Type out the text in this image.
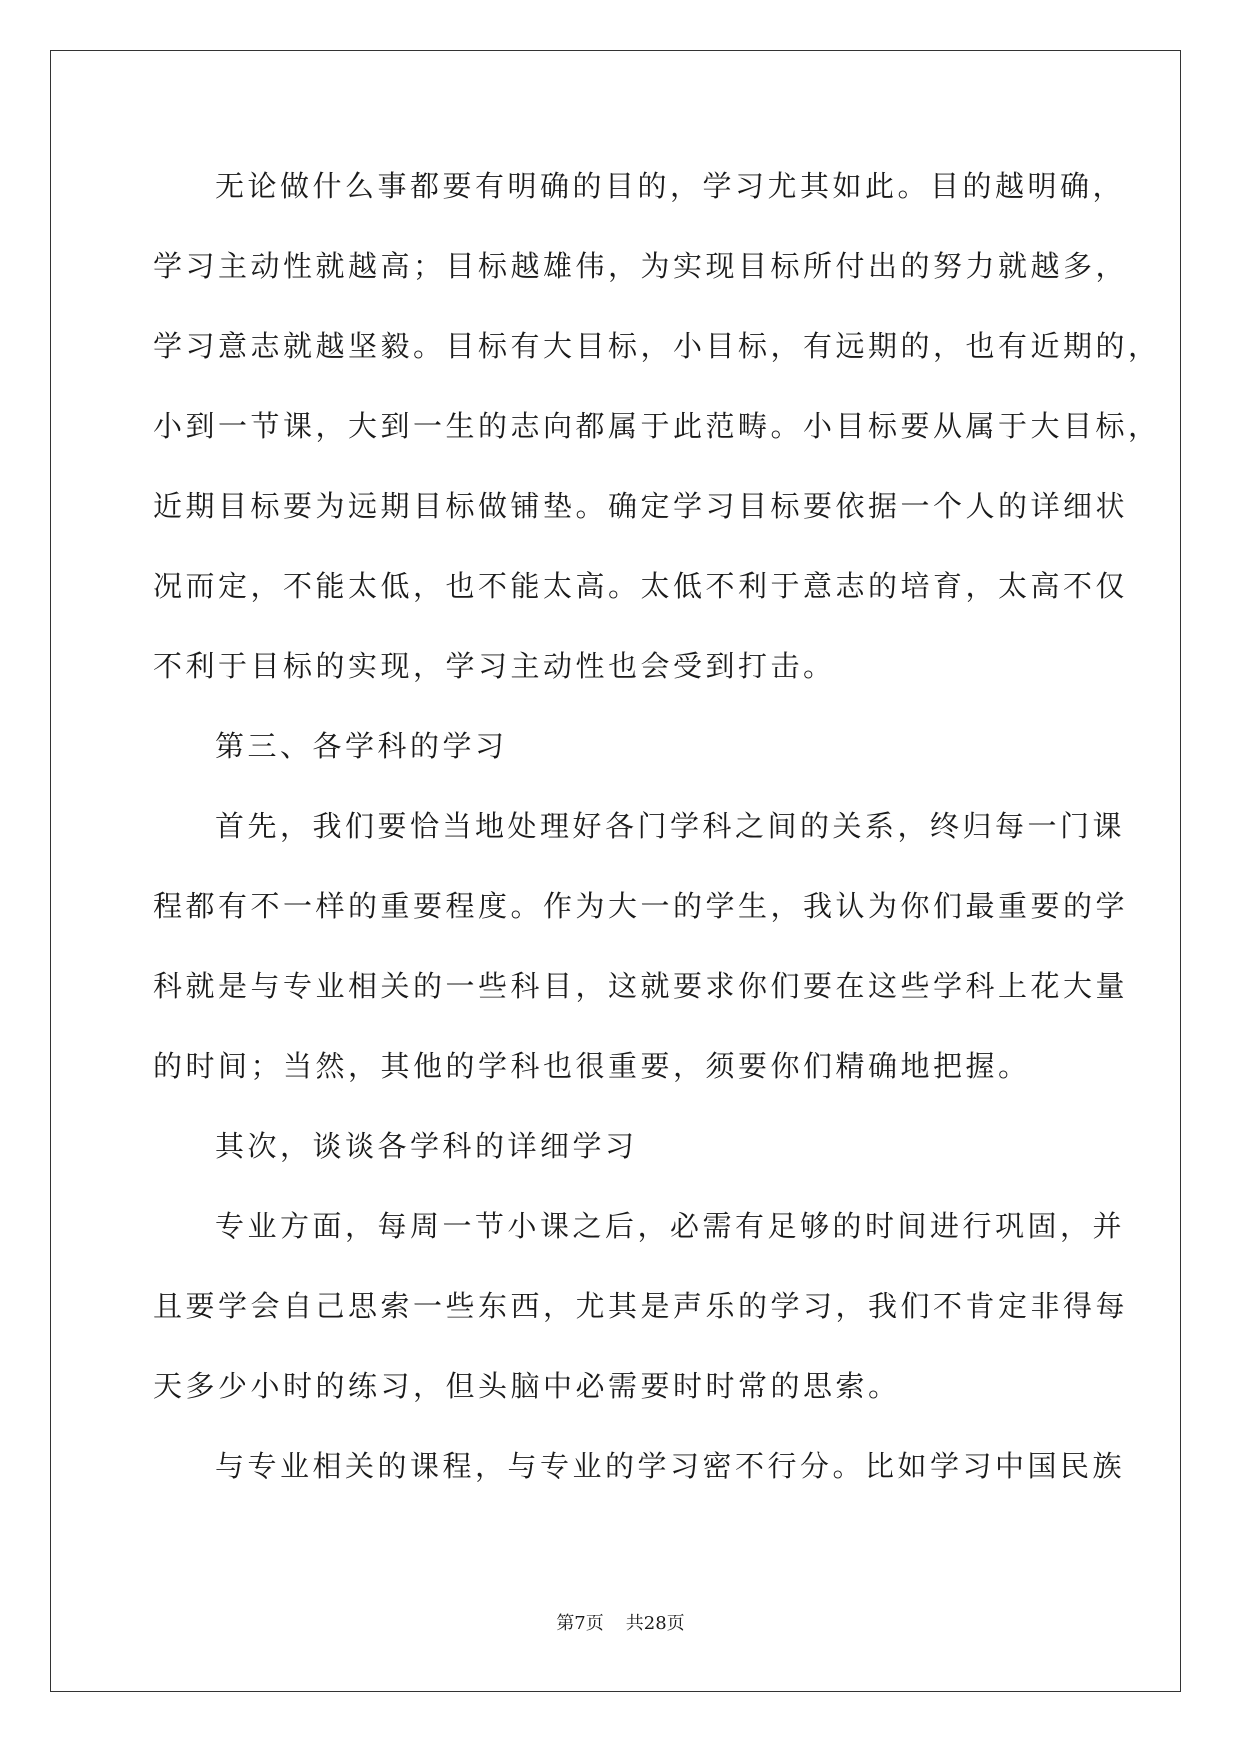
无论做什么事都要有明确的目的，学习尤其如此。目的越明确，
学习主动性就越高；目标越雄伟，为实现目标所付出的努力就越多，
学习意志就越坚毅。目标有大目标，小目标，有远期的，也有近期的，
小到一节课，大到一生的志向都属于此范畴。小目标要从属于大目标，
近期目标要为远期目标做铺垫。确定学习目标要依据一个人的详细状
况而定，不能太低，也不能太高。太低不利于意志的培育，太高不仅
不利于目标的实现，学习主动性也会受到打击。
第三、各学科的学习
首先，我们要恰当地处理好各门学科之间的关系，终归每一门课
程都有不一样的重要程度。作为大一的学生，我认为你们最重要的学
科就是与专业相关的一些科目，这就要求你们要在这些学科上花大量
的时间；当然，其他的学科也很重要，须要你们精确地把握。
其次，谈谈各学科的详细学习
专业方面，每周一节小课之后，必需有足够的时间进行巩固，并
且要学会自己思索一些东西，尤其是声乐的学习，我们不肯定非得每
天多少小时的练习，但头脑中必需要时时常的思索。
与专业相关的课程，与专业的学习密不行分。比如学习中国民族
第7页 共28页
